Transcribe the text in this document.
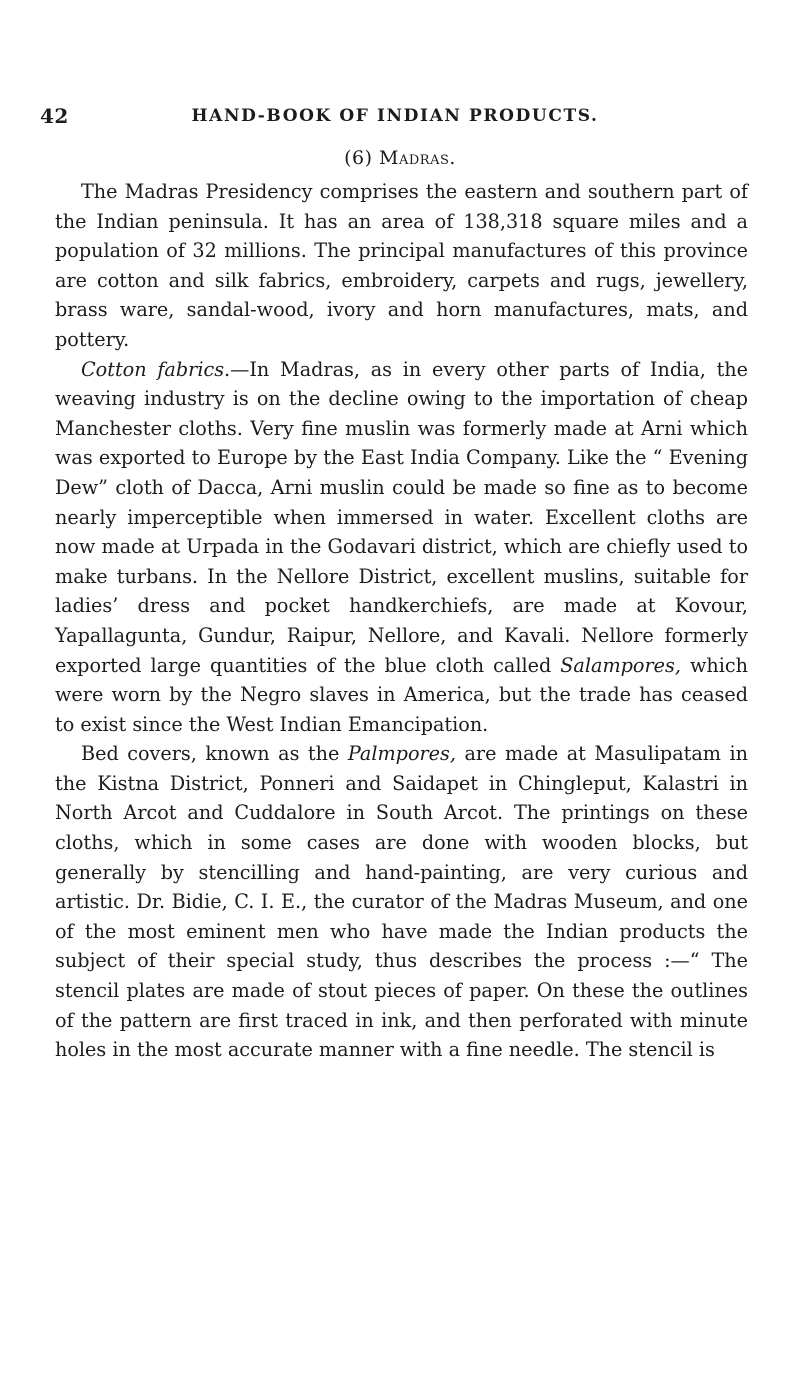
42	HAND-BOOK OF INDIAN PRODUCTS.
(6) Madras.

The Madras Presidency comprises the eastern and southern part of the Indian peninsula. It has an area of 138,318 square miles and a population of 32 millions. The principal manufactures of this province are cotton and silk fabrics, embroidery, carpets and rugs, jewellery, brass ware, sandal-wood, ivory and horn manufactures, mats, and pottery.

Cotton fabrics.—In Madras, as in every other parts of India, the weaving industry is on the decline owing to the importation of cheap Manchester cloths. Very fine muslin was formerly made at Arni which was exported to Europe by the East India Company. Like the “ Evening Dew” cloth of Dacca, Arni muslin could be made so fine as to become nearly imperceptible when immersed in water. Excellent cloths are now made at Urpada in the Godavari district, which are chiefly used to make turbans. In the Nellore District, excellent muslins, suitable for ladies’ dress and pocket handkerchiefs, are made at Kovour, Yapallagunta, Gundur, Raipur, Nellore, and Kavali. Nellore formerly exported large quantities of the blue cloth called Salampores, which were worn by the Negro slaves in America, but the trade has ceased to exist since the West Indian Emancipation.

Bed covers, known as the Palmpores, are made at Masulipatam in the Kistna District, Ponneri and Saidapet in Chingleput, Kalastri in North Arcot and Cuddalore in South Arcot. The printings on these cloths, which in some cases are done with wooden blocks, but generally by stencilling and hand-painting, are very curious and artistic. Dr. Bidie, C. I. E., the curator of the Madras Museum, and one of the most eminent men who have made the Indian products the subject of their special study, thus describes the process :—“ The stencil plates are made of stout pieces of paper. On these the outlines of the pattern are first traced in ink, and then perforated with minute holes in the most accurate manner with a fine needle. The stencil is
